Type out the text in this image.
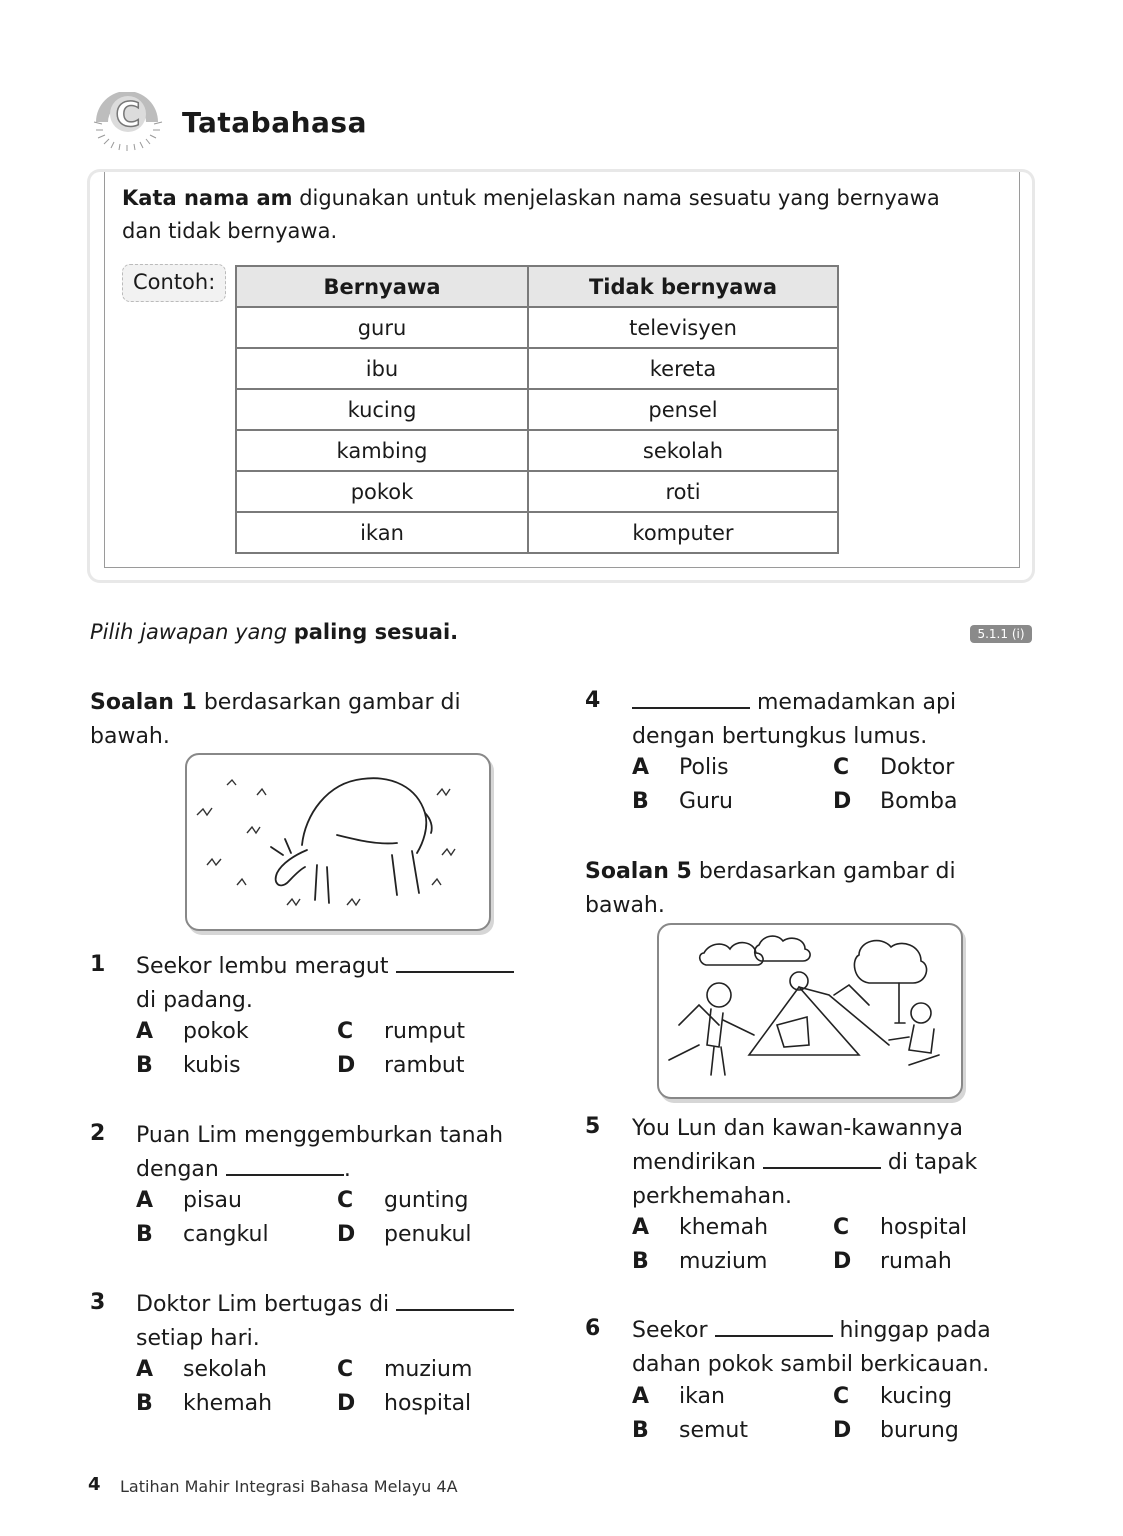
C Tatabahasa
Kata nama am digunakan untuk menjelaskan nama sesuatu yang bernyawa
dan tidak bernyawa.
Contoh:	Bernyawa	Tidak bernyawa
guru	televisyen
ibu	kereta
kucing	pensel
kambing	sekolah
pokok	roti
ikan	komputer
Pilih jawapan yang paling sesuai.	5.1.1 (i)
Soalan 1 berdasarkan gambar di
bawah.
1 Seekor lembu meragut
di padang.
A pokok
B kubis
C rumput
D rambut
2 Puan Lim menggemburkan tanah
dengan	.
A pisau
B cangkul
C gunting
D penukul
3 Doktor Lim bertugas di
setiap hari.
A sekolah
B khemah
C muzium
D hospital
4	memadamkan api
dengan bertungkus lumus.
A Polis
B Guru
C Doktor
D Bomba
Soalan 5 berdasarkan gambar di
bawah.
5 You Lun dan kawan-kawannya
mendirikan	di tapak
perkhemahan.
A khemah
B muzium
C hospital
D rumah
6 Seekor	hinggap pada
dahan pokok sambil berkicauan.
A ikan
B semut
C kucing
D burung
4 Latihan Mahir Integrasi Bahasa Melayu 4A
